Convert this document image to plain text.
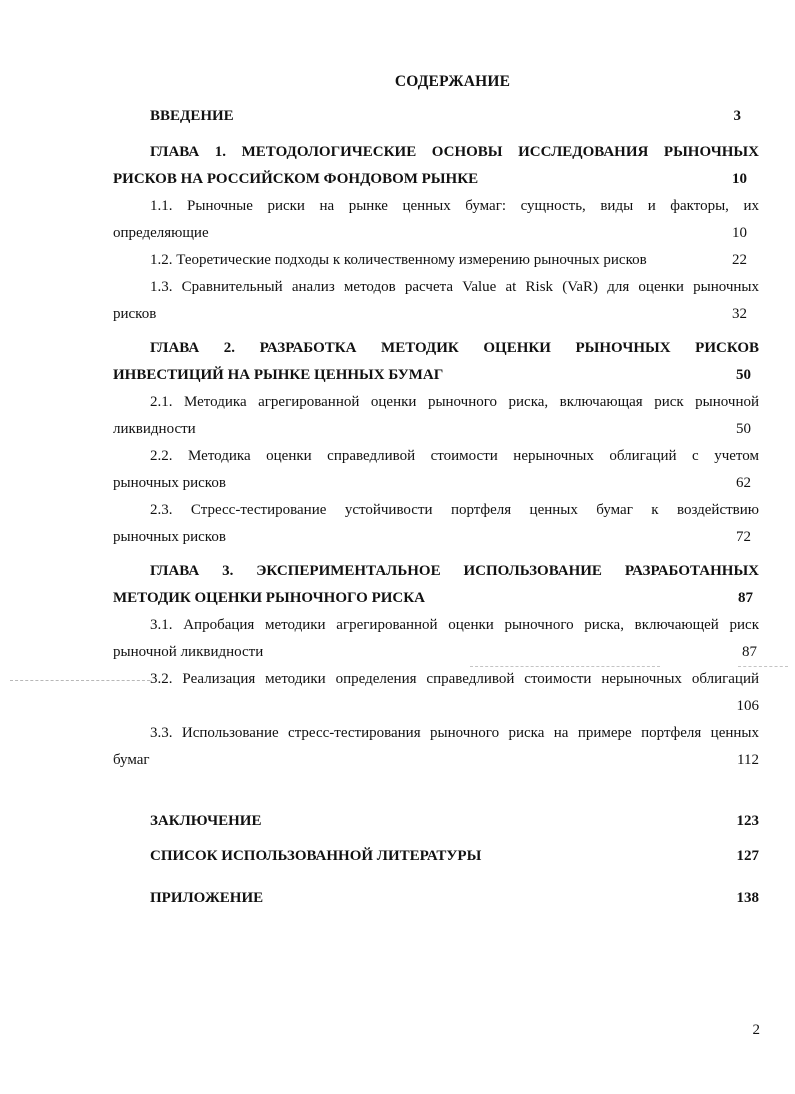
СОДЕРЖАНИЕ
ВВЕДЕНИЕ	3
ГЛАВА 1. МЕТОДОЛОГИЧЕСКИЕ ОСНОВЫ ИССЛЕДОВАНИЯ РЫНОЧНЫХ
РИСКОВ НА РОССИЙСКОМ ФОНДОВОМ РЫНКЕ	10
1.1. Рыночные риски на рынке ценных бумаг: сущность, виды и факторы, их
определяющие	10
1.2. Теоретические подходы к количественному измерению рыночных рисков	22
1.3. Сравнительный анализ методов расчета Value at Risk (VaR) для оценки рыночных
рисков	32
ГЛАВА 2. РАЗРАБОТКА МЕТОДИК ОЦЕНКИ РЫНОЧНЫХ РИСКОВ
ИНВЕСТИЦИЙ НА РЫНКЕ ЦЕННЫХ БУМАГ	50
2.1. Методика агрегированной оценки рыночного риска, включающая риск рыночной
ликвидности	50
2.2. Методика оценки справедливой стоимости нерыночных облигаций с учетом
рыночных рисков	62
2.3. Стресс-тестирование устойчивости портфеля ценных бумаг к воздействию
рыночных рисков	72
ГЛАВА 3. ЭКСПЕРИМЕНТАЛЬНОЕ ИСПОЛЬЗОВАНИЕ РАЗРАБОТАННЫХ
МЕТОДИК ОЦЕНКИ РЫНОЧНОГО РИСКА	87
3.1. Апробация методики агрегированной оценки рыночного риска, включающей риск
рыночной ликвидности	87
3.2. Реализация методики определения справедливой стоимости нерыночных облигаций
106
3.3. Использование стресс-тестирования рыночного риска на примере портфеля ценных
бумаг	112
ЗАКЛЮЧЕНИЕ	123
СПИСОК ИСПОЛЬЗОВАННОЙ ЛИТЕРАТУРЫ	127
ПРИЛОЖЕНИЕ	138
2
